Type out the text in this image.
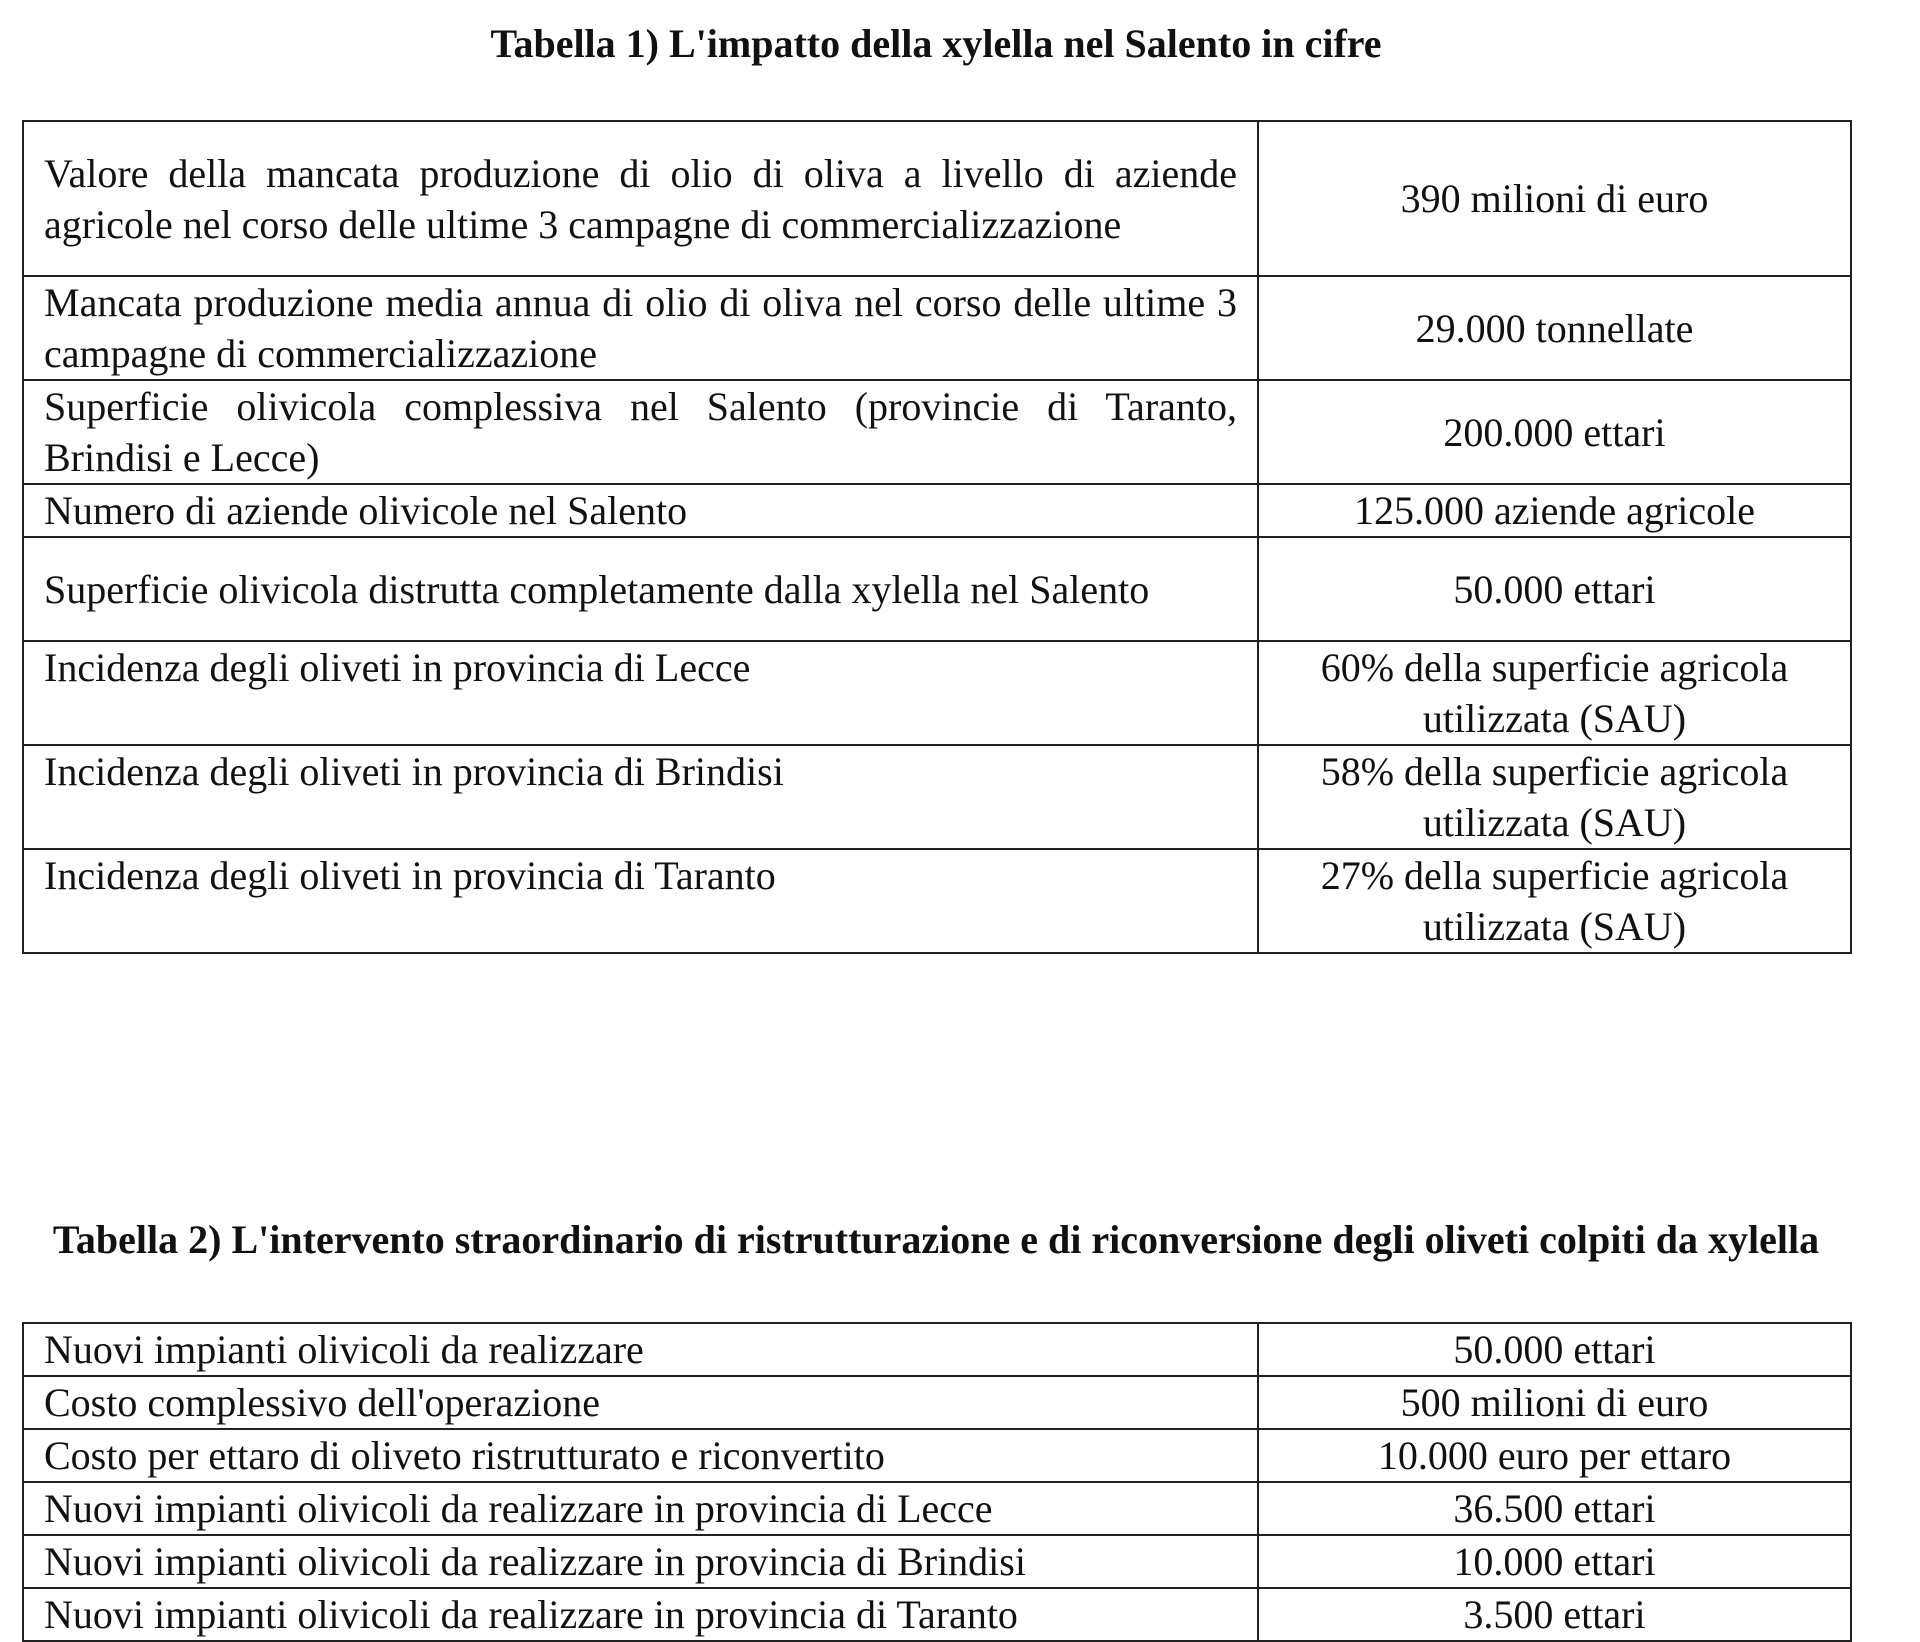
Tabella 1) L'impatto della xylella nel Salento in cifre
Valore della mancata produzione di olio di oliva a livello di aziende agricole nel corso delle ultime 3 campagne di commercializzazione	390 milioni di euro
Mancata produzione media annua di olio di oliva nel corso delle ultime 3 campagne di commercializzazione	29.000 tonnellate
Superficie olivicola complessiva nel Salento (provincie di Taranto, Brindisi e Lecce)	200.000 ettari
Numero di aziende olivicole nel Salento	125.000 aziende agricole
Superficie olivicola distrutta completamente dalla xylella nel Salento	50.000 ettari
Incidenza degli oliveti in provincia di Lecce	60% della superficie agricola utilizzata (SAU)
Incidenza degli oliveti in provincia di Brindisi	58% della superficie agricola utilizzata (SAU)
Incidenza degli oliveti in provincia di Taranto	27% della superficie agricola utilizzata (SAU)
Tabella 2) L'intervento straordinario di ristrutturazione e di riconversione degli oliveti colpiti da xylella
Nuovi impianti olivicoli da realizzare	50.000 ettari
Costo complessivo dell'operazione	500 milioni di euro
Costo per ettaro di oliveto ristrutturato e riconvertito	10.000 euro per ettaro
Nuovi impianti olivicoli da realizzare in provincia di Lecce	36.500 ettari
Nuovi impianti olivicoli da realizzare in provincia di Brindisi	10.000 ettari
Nuovi impianti olivicoli da realizzare in provincia di Taranto	3.500 ettari
